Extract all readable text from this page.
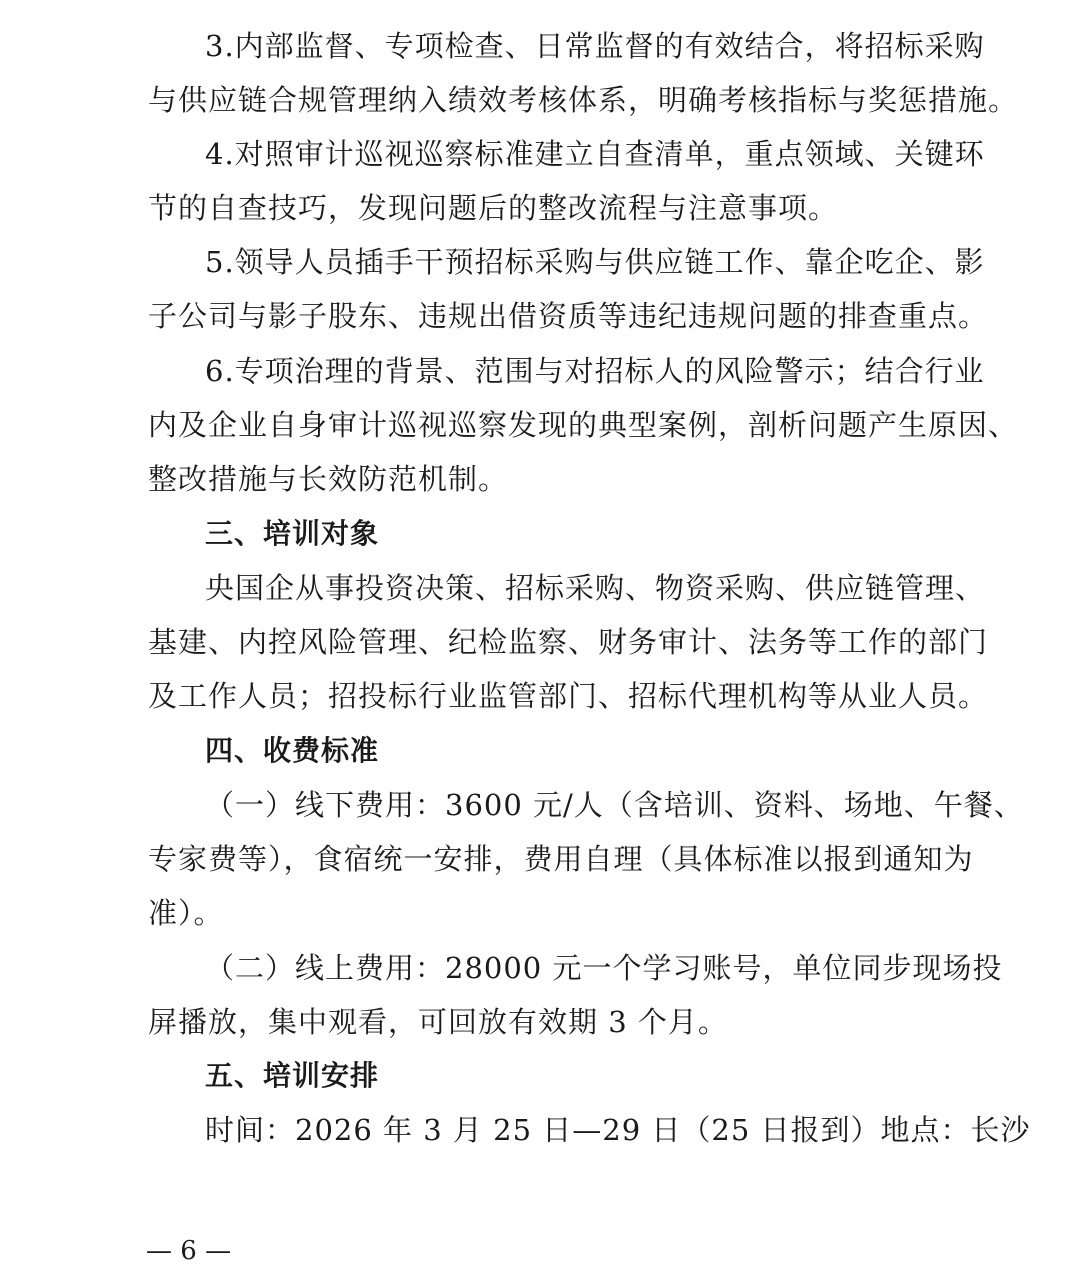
3.内部监督、专项检查、日常监督的有效结合，将招标采购
与供应链合规管理纳入绩效考核体系，明确考核指标与奖惩措施。
4.对照审计巡视巡察标准建立自查清单，重点领域、关键环
节的自查技巧，发现问题后的整改流程与注意事项。
5.领导人员插手干预招标采购与供应链工作、靠企吃企、影
子公司与影子股东、违规出借资质等违纪违规问题的排查重点。
6.专项治理的背景、范围与对招标人的风险警示；结合行业
内及企业自身审计巡视巡察发现的典型案例，剖析问题产生原因、
整改措施与长效防范机制。
三、培训对象
央国企从事投资决策、招标采购、物资采购、供应链管理、
基建、内控风险管理、纪检监察、财务审计、法务等工作的部门
及工作人员；招投标行业监管部门、招标代理机构等从业人员。
四、收费标准
（一）线下费用：3600 元/人（含培训、资料、场地、午餐、
专家费等），食宿统一安排，费用自理（具体标准以报到通知为
准）。
（二）线上费用：28000 元一个学习账号，单位同步现场投
屏播放，集中观看，可回放有效期 3 个月。
五、培训安排
时间：2026 年 3 月 25 日—29 日（25 日报到）地点：长沙
— 6 —
